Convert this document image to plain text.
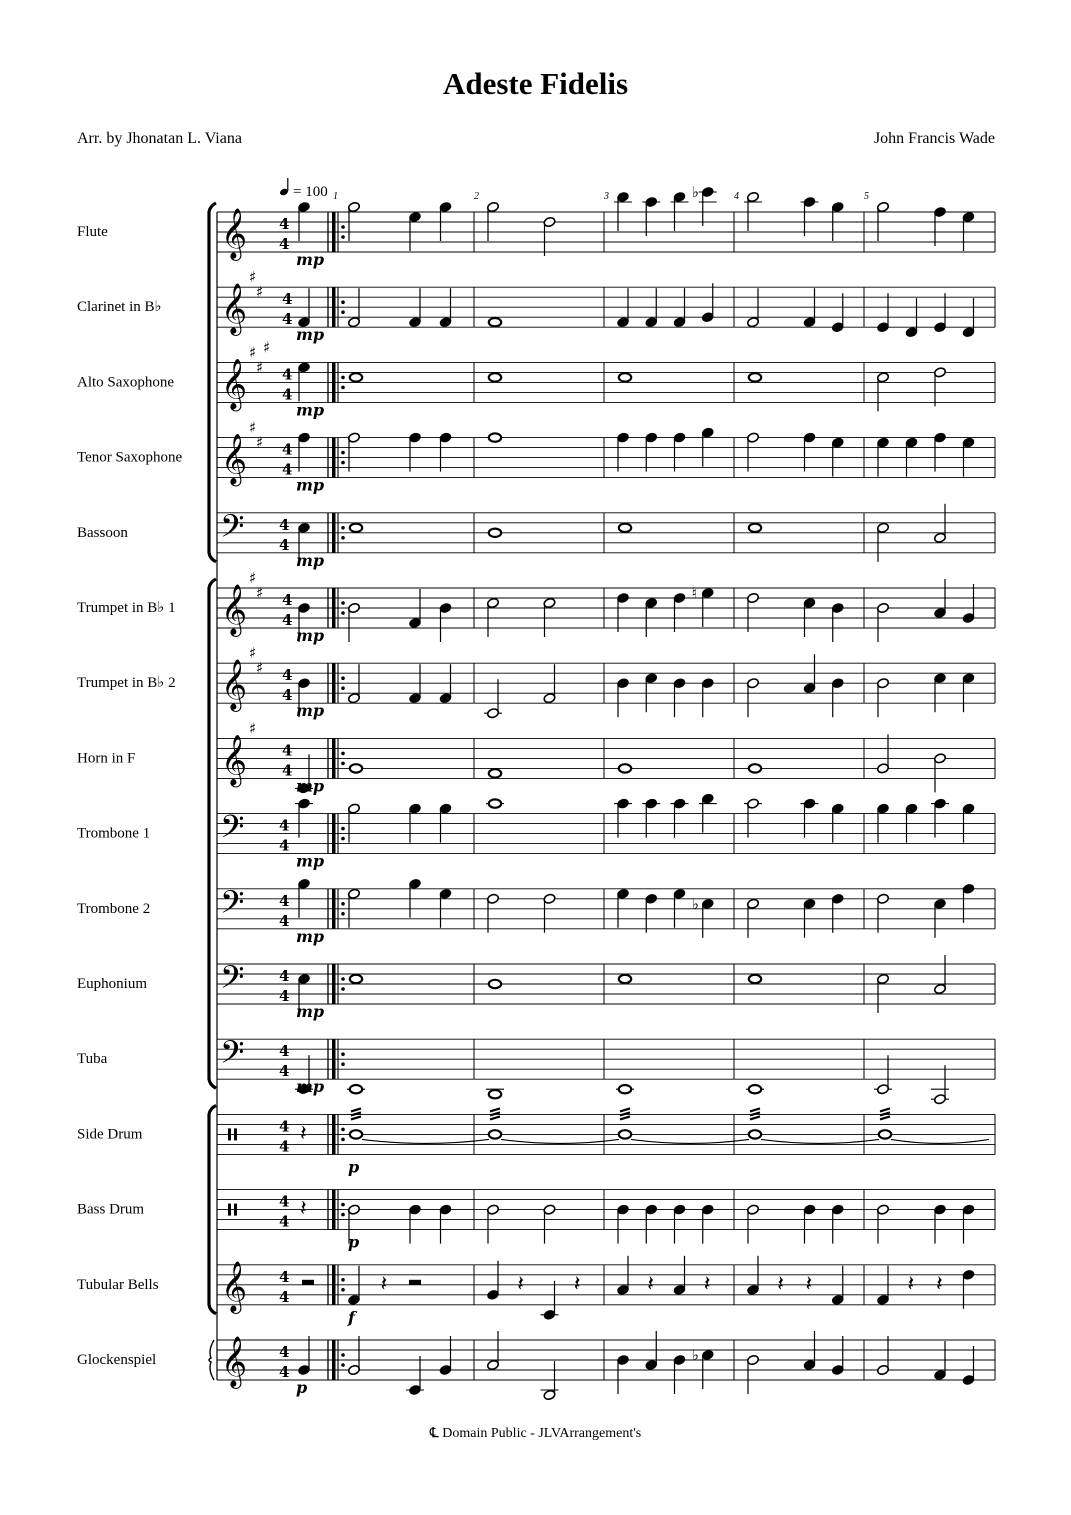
Adeste Fidelis
Arr. by Jhonatan L. Viana	John Francis Wade
℄ Domain Public - JLVArrangement's
= 100 1	2	3	4	5
Flute	𝄞 4
4
♭
mp
Clarinet in B♭ 𝄞
♯
♯ 4
4
mp
Alto Saxophone 𝄞
♯
♯
♯
4
4
mp
Tenor Saxophone 𝄞
♯
♯ 4
4
mp
Bassoon 𝄢 4
4
mp
Trumpet in B♭ 1 𝄞
♯
♯ 4
4
♮
mp
Trumpet in B♭ 2 𝄞
♯
♯ 4
4
mp
Horn in F 𝄞
♯
4
4
mp
Trombone 1 𝄢 4
4
mp
Trombone 2 𝄢 4
4
♭
mp
Euphonium 𝄢 4
4
mp
Tuba	𝄢 4
4
mp
Side Drum	4
4 𝄽
p
Bass Drum	4
4 𝄽
p
Tubular Bells 𝄞 4
4	𝄽	𝄽 𝄽	𝄽 𝄽	𝄽 𝄽	𝄽 𝄽
f
Glockenspiel 𝄞 4
4
♭
p
